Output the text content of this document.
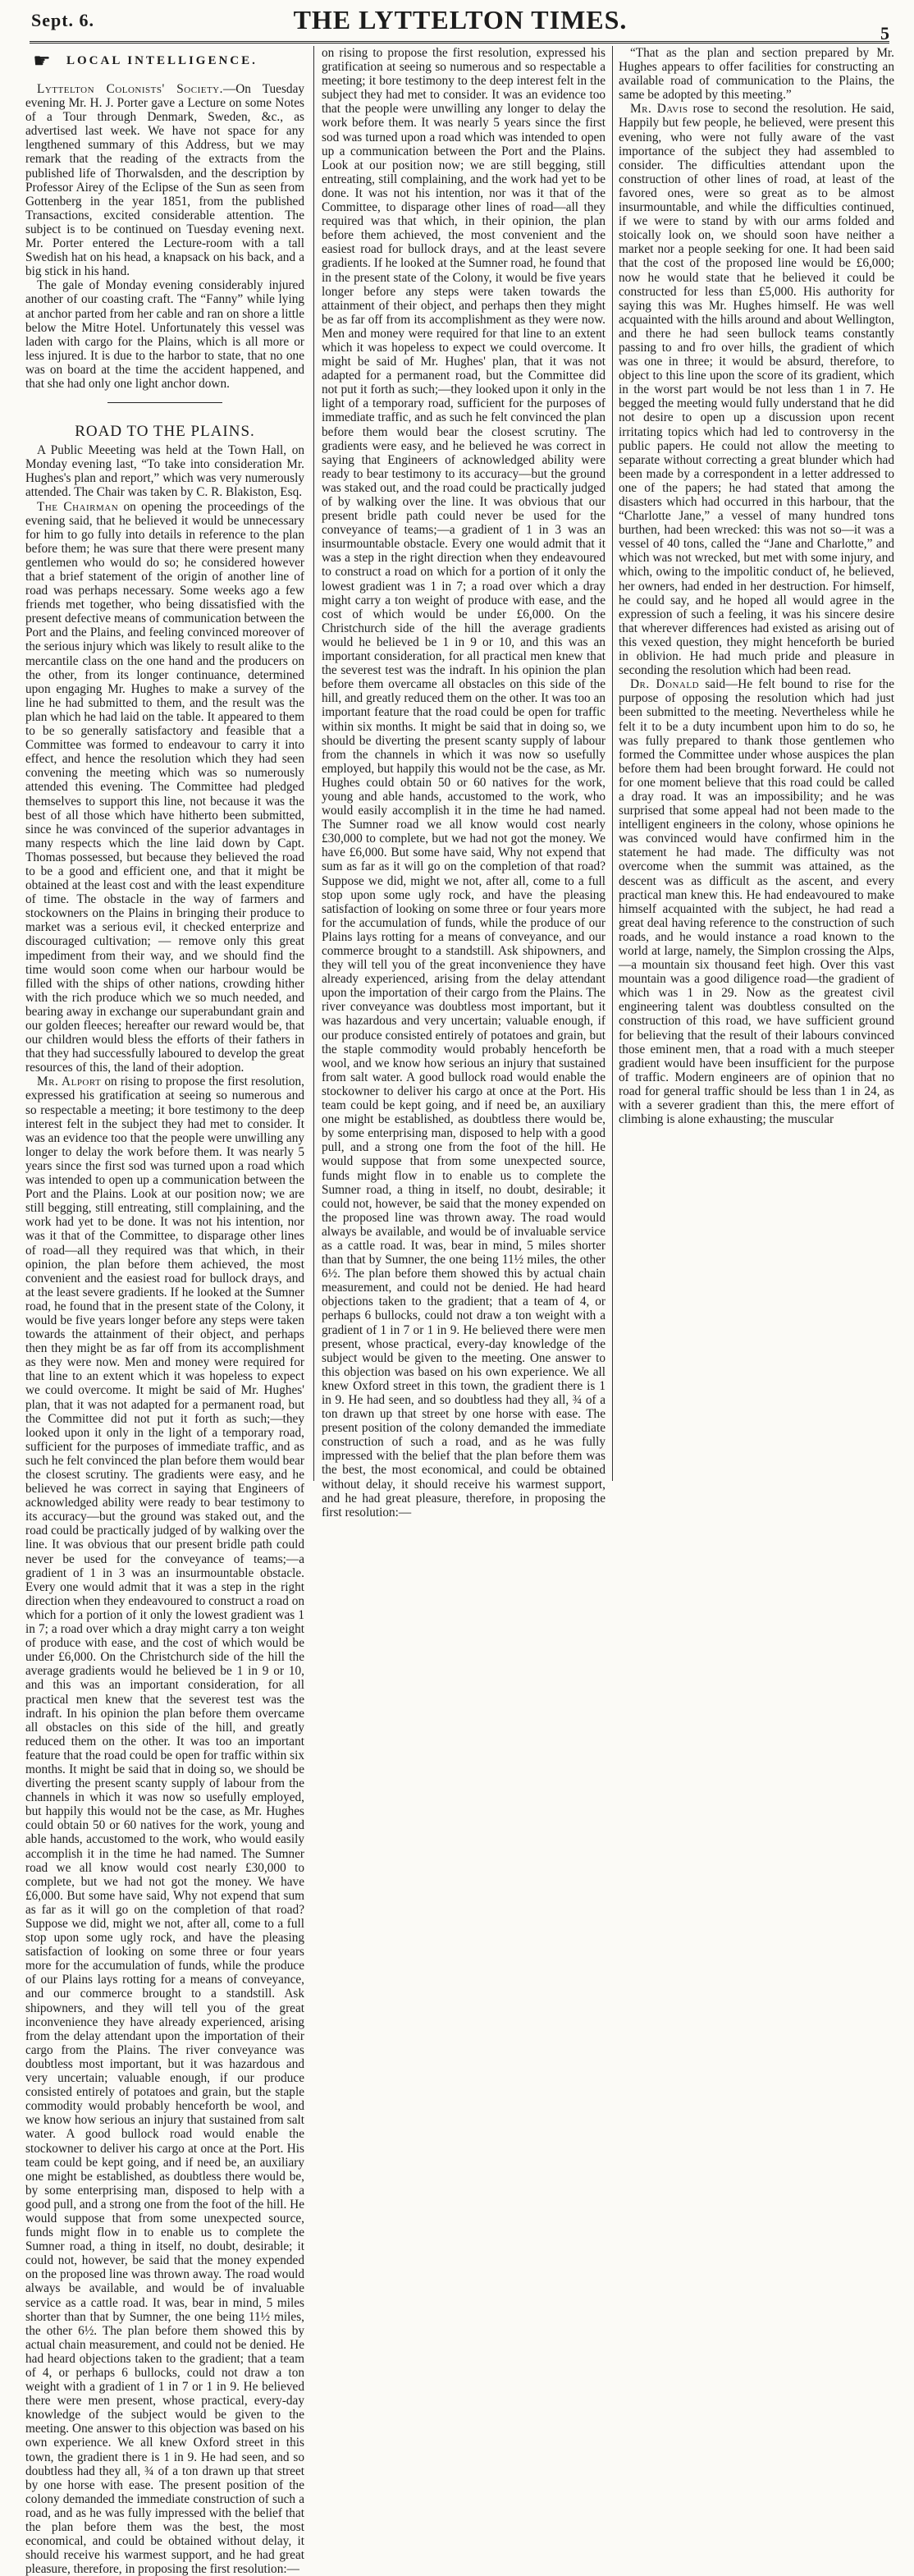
Sept. 6.	THE LYTTELTON TIMES.	5
☛	LOCAL INTELLIGENCE.

Lyttelton Colonists' Society.—On Tuesday evening Mr. H. J. Porter gave a Lecture on some Notes of a Tour through Denmark, Sweden, &c., as advertised last week. We have not space for any lengthened summary of this Address, but we may remark that the reading of the extracts from the published life of Thorwalsden, and the description by Professor Airey of the Eclipse of the Sun as seen from Gottenberg in the year 1851, from the published Transactions, excited considerable attention. The subject is to be continued on Tuesday evening next. Mr. Porter entered the Lecture-room with a tall Swedish hat on his head, a knapsack on his back, and a big stick in his hand.

The gale of Monday evening considerably injured another of our coasting craft. The “Fanny” while lying at anchor parted from her cable and ran on shore a little below the Mitre Hotel. Unfortunately this vessel was laden with cargo for the Plains, which is all more or less injured. It is due to the harbor to state, that no one was on board at the time the accident happened, and that she had only one light anchor down.

ROAD TO THE PLAINS.

A Public Meeeting was held at the Town Hall, on Monday evening last, “To take into consideration Mr. Hughes's plan and report,” which was very numerously attended. The Chair was taken by C. R. Blakiston, Esq.

The Chairman on opening the proceedings of the evening said, that he believed it would be unnecessary for him to go fully into details in reference to the plan before them; he was sure that there were present many gentlemen who would do so; he considered however that a brief statement of the origin of another line of road was perhaps necessary. Some weeks ago a few friends met together, who being dissatisfied with the present defective means of communication between the Port and the Plains, and feeling convinced moreover of the serious injury which was likely to result alike to the mercantile class on the one hand and the producers on the other, from its longer continuance, determined upon engaging Mr. Hughes to make a survey of the line he had submitted to them, and the result was the plan which he had laid on the table. It appeared to them to be so generally satisfactory and feasible that a Committee was formed to endeavour to carry it into effect, and hence the resolution which they had seen convening the meeting which was so numerously attended this evening. The Committee had pledged themselves to support this line, not because it was the best of all those which have hitherto been submitted, since he was convinced of the superior advantages in many respects which the line laid down by Capt. Thomas possessed, but because they believed the road to be a good and efficient one, and that it might be obtained at the least cost and with the least expenditure of time. The obstacle in the way of farmers and stockowners on the Plains in bringing their produce to market was a serious evil, it checked enterprize and discouraged cultivation; — remove only this great impediment from their way, and we should find the time would soon come when our harbour would be filled with the ships of other nations, crowding hither with the rich produce which we so much needed, and bearing away in exchange our superabundant grain and our golden fleeces; hereafter our reward would be, that our children would bless the efforts of their fathers in that they had successfully laboured to develop the great resources of this, the land of their adoption.

Mr. Alport on rising to propose the first resolution, expressed his gratification at seeing so numerous and so respectable a meeting; it bore testimony to the deep interest felt in the subject they had met to consider. It was an evidence too that the people were unwilling any longer to delay the work before them. It was nearly 5 years since the first sod was turned upon a road which was intended to open up a communication between the Port and the Plains. Look at our position now; we are still begging, still entreating, still complaining, and the work had yet to be done. It was not his intention, nor was it that of the Committee, to disparage other lines of road—all they required was that which, in their opinion, the plan before them achieved, the most convenient and the easiest road for bullock drays, and at the least severe gradients. If he looked at the Sumner road, he found that in the present state of the Colony, it would be five years longer before any steps were taken towards the attainment of their object, and perhaps then they might be as far off from its accomplishment as they were now. Men and money were required for that line to an extent which it was hopeless to expect we could overcome. It might be said of Mr. Hughes' plan, that it was not adapted for a permanent road, but the Committee did not put it forth as such;—they looked upon it only in the light of a temporary road, sufficient for the purposes of immediate traffic, and as such he felt convinced the plan before them would bear the closest scrutiny. The gradients were easy, and he believed he was correct in saying that Engineers of acknowledged ability were ready to bear testimony to its accuracy—but the ground was staked out, and the road could be practically judged of by walking over the line. It was obvious that our present bridle path could never be used for the conveyance of teams;—a gradient of 1 in 3 was an insurmountable obstacle. Every one would admit that it was a step in the right direction when they endeavoured to construct a road on which for a portion of it only the lowest gradient was 1 in 7; a road over which a dray might carry a ton weight of produce with ease, and the cost of which would be under £6,000. On the Christchurch side of the hill the average gradients would he believed be 1 in 9 or 10, and this was an important consideration, for all practical men knew that the severest test was the indraft. In his opinion the plan before them overcame all obstacles on this side of the hill, and greatly reduced them on the other. It was too an important feature that the road could be open for traffic within six months. It might be said that in doing so, we should be diverting the present scanty supply of labour from the channels in which it was now so usefully employed, but happily this would not be the case, as Mr. Hughes could obtain 50 or 60 natives for the work, young and able hands, accustomed to the work, who would easily accomplish it in the time he had named. The Sumner road we all know would cost nearly £30,000 to complete, but we had not got the money. We have £6,000. But some have said, Why not expend that sum as far as it will go on the completion of that road? Suppose we did, might we not, after all, come to a full stop upon some ugly rock, and have the pleasing satisfaction of looking on some three or four years more for the accumulation of funds, while the produce of our Plains lays rotting for a means of conveyance, and our commerce brought to a standstill. Ask shipowners, and they will tell you of the great inconvenience they have already experienced, arising from the delay attendant upon the importation of their cargo from the Plains. The river conveyance was doubtless most important, but it was hazardous and very uncertain; valuable enough, if our produce consisted entirely of potatoes and grain, but the staple commodity would probably henceforth be wool, and we know how serious an injury that sustained from salt water. A good bullock road would enable the stockowner to deliver his cargo at once at the Port. His team could be kept going, and if need be, an auxiliary one might be established, as doubtless there would be, by some enterprising man, disposed to help with a good pull, and a strong one from the foot of the hill. He would suppose that from some unexpected source, funds might flow in to enable us to complete the Sumner road, a thing in itself, no doubt, desirable; it could not, however, be said that the money expended on the proposed line was thrown away. The road would always be available, and would be of invaluable service as a cattle road. It was, bear in mind, 5 miles shorter than that by Sumner, the one being 11½ miles, the other 6½. The plan before them showed this by actual chain measurement, and could not be denied. He had heard objections taken to the gradient; that a team of 4, or perhaps 6 bullocks, could not draw a ton weight with a gradient of 1 in 7 or 1 in 9. He believed there were men present, whose practical, every-day knowledge of the subject would be given to the meeting. One answer to this objection was based on his own experience. We all knew Oxford street in this town, the gradient there is 1 in 9. He had seen, and so doubtless had they all, ¾ of a ton drawn up that street by one horse with ease. The present position of the colony demanded the immediate construction of such a road, and as he was fully impressed with the belief that the plan before them was the best, the most economical, and could be obtained without delay, it should receive his warmest support, and he had great pleasure, therefore, in proposing the first resolution:—

on rising to propose the first resolution, expressed his gratification at seeing so numerous and so respectable a meeting; it bore testimony to the deep interest felt in the subject they had met to consider. It was an evidence too that the people were unwilling any longer to delay the work before them. It was nearly 5 years since the first sod was turned upon a road which was intended to open up a communication between the Port and the Plains. Look at our position now; we are still begging, still entreating, still complaining, and the work had yet to be done. It was not his intention, nor was it that of the Committee, to disparage other lines of road—all they required was that which, in their opinion, the plan before them achieved, the most convenient and the easiest road for bullock drays, and at the least severe gradients. If he looked at the Sumner road, he found that in the present state of the Colony, it would be five years longer before any steps were taken towards the attainment of their object, and perhaps then they might be as far off from its accomplishment as they were now. Men and money were required for that line to an extent which it was hopeless to expect we could overcome. It might be said of Mr. Hughes' plan, that it was not adapted for a permanent road, but the Committee did not put it forth as such;—they looked upon it only in the light of a temporary road, sufficient for the purposes of immediate traffic, and as such he felt convinced the plan before them would bear the closest scrutiny. The gradients were easy, and he believed he was correct in saying that Engineers of acknowledged ability were ready to bear testimony to its accuracy—but the ground was staked out, and the road could be practically judged of by walking over the line. It was obvious that our present bridle path could never be used for the conveyance of teams;—a gradient of 1 in 3 was an insurmountable obstacle. Every one would admit that it was a step in the right direction when they endeavoured to construct a road on which for a portion of it only the lowest gradient was 1 in 7; a road over which a dray might carry a ton weight of produce with ease, and the cost of which would be under £6,000. On the Christchurch side of the hill the average gradients would he believed be 1 in 9 or 10, and this was an important consideration, for all practical men knew that the severest test was the indraft. In his opinion the plan before them overcame all obstacles on this side of the hill, and greatly reduced them on the other. It was too an important feature that the road could be open for traffic within six months. It might be said that in doing so, we should be diverting the present scanty supply of labour from the channels in which it was now so usefully employed, but happily this would not be the case, as Mr. Hughes could obtain 50 or 60 natives for the work, young and able hands, accustomed to the work, who would easily accomplish it in the time he had named. The Sumner road we all know would cost nearly £30,000 to complete, but we had not got the money. We have £6,000. But some have said, Why not expend that sum as far as it will go on the completion of that road? Suppose we did, might we not, after all, come to a full stop upon some ugly rock, and have the pleasing satisfaction of looking on some three or four years more for the accumulation of funds, while the produce of our Plains lays rotting for a means of conveyance, and our commerce brought to a standstill. Ask shipowners, and they will tell you of the great inconvenience they have already experienced, arising from the delay attendant upon the importation of their cargo from the Plains. The river conveyance was doubtless most important, but it was hazardous and very uncertain; valuable enough, if our produce consisted entirely of potatoes and grain, but the staple commodity would probably henceforth be wool, and we know how serious an injury that sustained from salt water. A good bullock road would enable the stockowner to deliver his cargo at once at the Port. His team could be kept going, and if need be, an auxiliary one might be established, as doubtless there would be, by some enterprising man, disposed to help with a good pull, and a strong one from the foot of the hill. He would suppose that from some unexpected source, funds might flow in to enable us to complete the Sumner road, a thing in itself, no doubt, desirable; it could not, however, be said that the money expended on the proposed line was thrown away. The road would always be available, and would be of invaluable service as a cattle road. It was, bear in mind, 5 miles shorter than that by Sumner, the one being 11½ miles, the other 6½. The plan before them showed this by actual chain measurement, and could not be denied. He had heard objections taken to the gradient; that a team of 4, or perhaps 6 bullocks, could not draw a ton weight with a gradient of 1 in 7 or 1 in 9. He believed there were men present, whose practical, every-day knowledge of the subject would be given to the meeting. One answer to this objection was based on his own experience. We all knew Oxford street in this town, the gradient there is 1 in 9. He had seen, and so doubtless had they all, ¾ of a ton drawn up that street by one horse with ease. The present position of the colony demanded the immediate construction of such a road, and as he was fully impressed with the belief that the plan before them was the best, the most economical, and could be obtained without delay, it should receive his warmest support, and he had great pleasure, therefore, in proposing the first resolution:—

“That as the plan and section prepared by Mr. Hughes appears to offer facilities for constructing an available road of communication to the Plains, the same be adopted by this meeting.”

Mr. Davis rose to second the resolution. He said, Happily but few people, he believed, were present this evening, who were not fully aware of the vast importance of the subject they had assembled to consider. The difficulties attendant upon the construction of other lines of road, at least of the favored ones, were so great as to be almost insurmountable, and while the difficulties continued, if we were to stand by with our arms folded and stoically look on, we should soon have neither a market nor a people seeking for one. It had been said that the cost of the proposed line would be £6,000; now he would state that he believed it could be constructed for less than £5,000. His authority for saying this was Mr. Hughes himself. He was well acquainted with the hills around and about Wellington, and there he had seen bullock teams constantly passing to and fro over hills, the gradient of which was one in three; it would be absurd, therefore, to object to this line upon the score of its gradient, which in the worst part would be not less than 1 in 7. He begged the meeting would fully understand that he did not desire to open up a discussion upon recent irritating topics which had led to controversy in the public papers. He could not allow the meeting to separate without correcting a great blunder which had been made by a correspondent in a letter addressed to one of the papers; he had stated that among the disasters which had occurred in this harbour, that the “Charlotte Jane,” a vessel of many hundred tons burthen, had been wrecked: this was not so—it was a vessel of 40 tons, called the “Jane and Charlotte,” and which was not wrecked, but met with some injury, and which, owing to the impolitic conduct of, he believed, her owners, had ended in her destruction. For himself, he could say, and he hoped all would agree in the expression of such a feeling, it was his sincere desire that wherever differences had existed as arising out of this vexed question, they might henceforth be buried in oblivion. He had much pride and pleasure in seconding the resolution which had been read.

Dr. Donald said—He felt bound to rise for the purpose of opposing the resolution which had just been submitted to the meeting. Nevertheless while he felt it to be a duty incumbent upon him to do so, he was fully prepared to thank those gentlemen who formed the Committee under whose auspices the plan before them had been brought forward. He could not for one moment believe that this road could be called a dray road. It was an impossibility; and he was surprised that some appeal had not been made to the intelligent engineers in the colony, whose opinions he was convinced would have confirmed him in the statement he had made. The difficulty was not overcome when the summit was attained, as the descent was as difficult as the ascent, and every practical man knew this. He had endeavoured to make himself acquainted with the subject, he had read a great deal having reference to the construction of such roads, and he would instance a road known to the world at large, namely, the Simplon crossing the Alps,—a mountain six thousand feet high. Over this vast mountain was a good diligence road—the gradient of which was 1 in 29. Now as the greatest civil engineering talent was doubtless consulted on the construction of this road, we have sufficient ground for believing that the result of their labours convinced those eminent men, that a road with a much steeper gradient would have been insufficient for the purpose of traffic. Modern engineers are of opinion that no road for general traffic should be less than 1 in 24, as with a severer gradient than this, the mere effort of climbing is alone exhausting; the muscular
